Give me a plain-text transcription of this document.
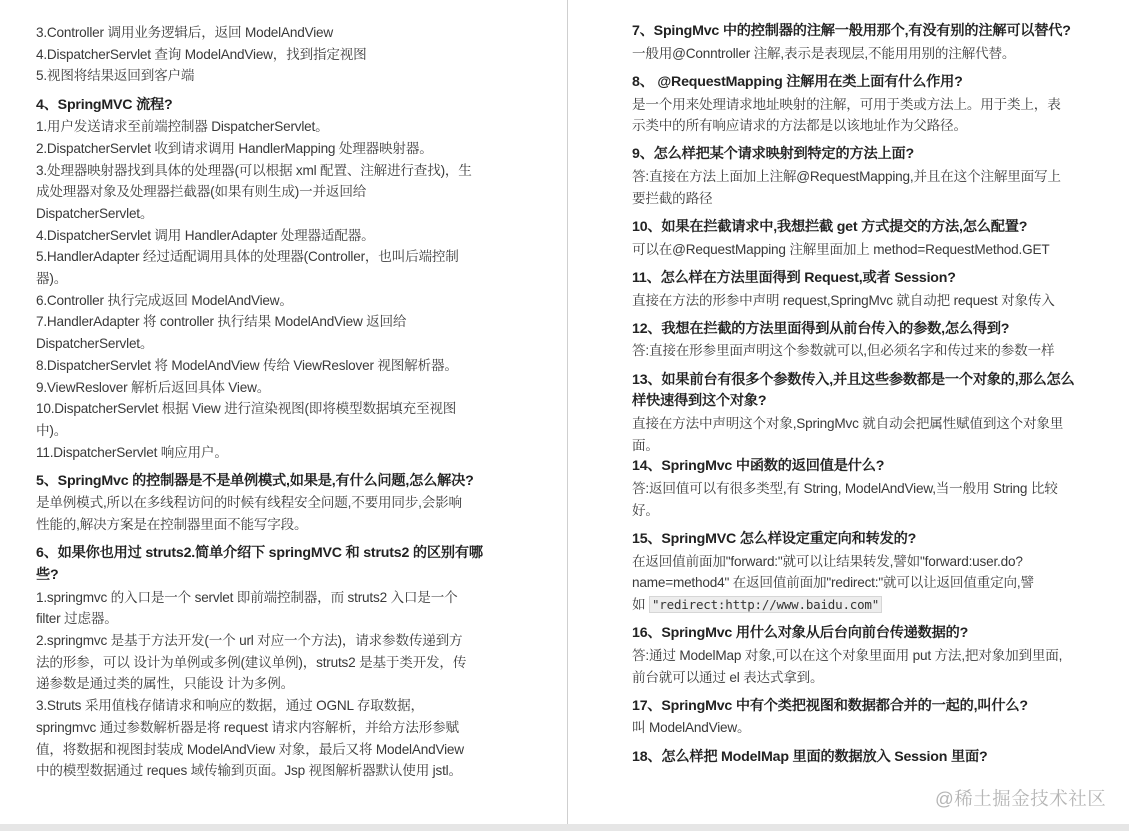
3.Controller 调用业务逻辑后，返回 ModelAndView
4.DispatcherServlet 查询 ModelAndView，找到指定视图
5.视图将结果返回到客户端
4、SpringMVC 流程?
1.用户发送请求至前端控制器 DispatcherServlet。
2.DispatcherServlet 收到请求调用 HandlerMapping 处理器映射器。
3.处理器映射器找到具体的处理器(可以根据 xml 配置、注解进行查找)，生
成处理器对象及处理器拦截器(如果有则生成)一并返回给
DispatcherServlet。
4.DispatcherServlet 调用 HandlerAdapter 处理器适配器。
5.HandlerAdapter 经过适配调用具体的处理器(Controller，也叫后端控制
器)。
6.Controller 执行完成返回 ModelAndView。
7.HandlerAdapter 将 controller 执行结果 ModelAndView 返回给
DispatcherServlet。
8.DispatcherServlet 将 ModelAndView 传给 ViewReslover 视图解析器。
9.ViewReslover 解析后返回具体 View。
10.DispatcherServlet 根据 View 进行渲染视图(即将模型数据填充至视图
中)。
11.DispatcherServlet 响应用户。
5、SpringMvc 的控制器是不是单例模式,如果是,有什么问题,怎么解决?
是单例模式,所以在多线程访问的时候有线程安全问题,不要用同步,会影响
性能的,解决方案是在控制器里面不能写字段。
6、如果你也用过 struts2.简单介绍下 springMVC 和 struts2 的区别有哪
些?
1.springmvc 的入口是一个 servlet 即前端控制器，而 struts2 入口是一个
filter 过虑器。
2.springmvc 是基于方法开发(一个 url 对应一个方法)，请求参数传递到方
法的形参，可以 设计为单例或多例(建议单例)，struts2 是基于类开发，传
递参数是通过类的属性，只能设 计为多例。
3.Struts 采用值栈存储请求和响应的数据，通过 OGNL 存取数据，
springmvc 通过参数解析器是将 request 请求内容解析，并给方法形参赋
值，将数据和视图封装成 ModelAndView 对象，最后又将 ModelAndView
中的模型数据通过 reques 域传输到页面。Jsp 视图解析器默认使用 jstl。
7、SpingMvc 中的控制器的注解一般用那个,有没有别的注解可以替代?
一般用@Conntroller 注解,表示是表现层,不能用用别的注解代替。
8、 @RequestMapping 注解用在类上面有什么作用?
是一个用来处理请求地址映射的注解，可用于类或方法上。用于类上，表
示类中的所有响应请求的方法都是以该地址作为父路径。
9、怎么样把某个请求映射到特定的方法上面?
答:直接在方法上面加上注解@RequestMapping,并且在这个注解里面写上
要拦截的路径
10、如果在拦截请求中,我想拦截 get 方式提交的方法,怎么配置?
可以在@RequestMapping 注解里面加上 method=RequestMethod.GET
11、怎么样在方法里面得到 Request,或者 Session?
直接在方法的形参中声明 request,SpringMvc 就自动把 request 对象传入
12、我想在拦截的方法里面得到从前台传入的参数,怎么得到?
答:直接在形参里面声明这个参数就可以,但必须名字和传过来的参数一样
13、如果前台有很多个参数传入,并且这些参数都是一个对象的,那么怎么
样快速得到这个对象?
直接在方法中声明这个对象,SpringMvc 就自动会把属性赋值到这个对象里
面。
14、SpringMvc 中函数的返回值是什么?
答:返回值可以有很多类型,有 String, ModelAndView,当一般用 String 比较
好。
15、SpringMVC 怎么样设定重定向和转发的?
在返回值前面加"forward:"就可以让结果转发,譬如"forward:user.do?
name=method4" 在返回值前面加"redirect:"就可以让返回值重定向,譬
如 "redirect:http://www.baidu.com"
16、SpringMvc 用什么对象从后台向前台传递数据的?
答:通过 ModelMap 对象,可以在这个对象里面用 put 方法,把对象加到里面,
前台就可以通过 el 表达式拿到。
17、SpringMvc 中有个类把视图和数据都合并的一起的,叫什么?
叫 ModelAndView。
18、怎么样把 ModelMap 里面的数据放入 Session 里面?
@稀土掘金技术社区
